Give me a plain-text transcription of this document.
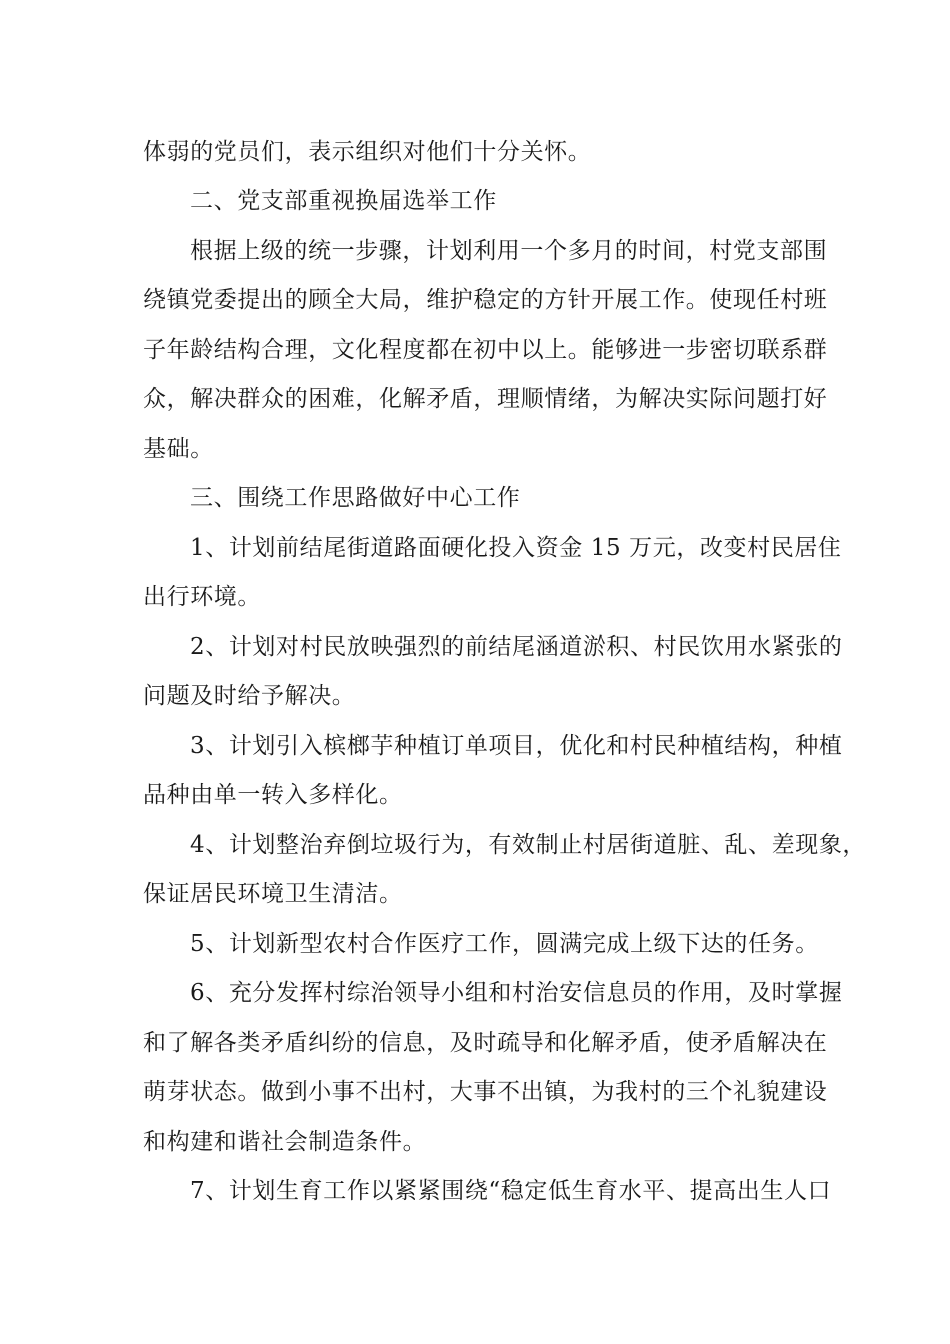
体弱的党员们，表示组织对他们十分关怀。
二、党支部重视换届选举工作
根据上级的统一步骤，计划利用一个多月的时间，村党支部围
绕镇党委提出的顾全大局，维护稳定的方针开展工作。使现任村班
子年龄结构合理，文化程度都在初中以上。能够进一步密切联系群
众，解决群众的困难，化解矛盾，理顺情绪，为解决实际问题打好
基础。
三、围绕工作思路做好中心工作
1、计划前结尾街道路面硬化投入资金 15 万元，改变村民居住
出行环境。
2、计划对村民放映强烈的前结尾涵道淤积、村民饮用水紧张的
问题及时给予解决。
3、计划引入槟榔芋种植订单项目，优化和村民种植结构，种植
品种由单一转入多样化。
4、计划整治弃倒垃圾行为，有效制止村居街道脏、乱、差现象，
保证居民环境卫生清洁。
5、计划新型农村合作医疗工作，圆满完成上级下达的任务。
6、充分发挥村综治领导小组和村治安信息员的作用，及时掌握
和了解各类矛盾纠纷的信息，及时疏导和化解矛盾，使矛盾解决在
萌芽状态。做到小事不出村，大事不出镇，为我村的三个礼貌建设
和构建和谐社会制造条件。
7、计划生育工作以紧紧围绕“稳定低生育水平、提高出生人口
